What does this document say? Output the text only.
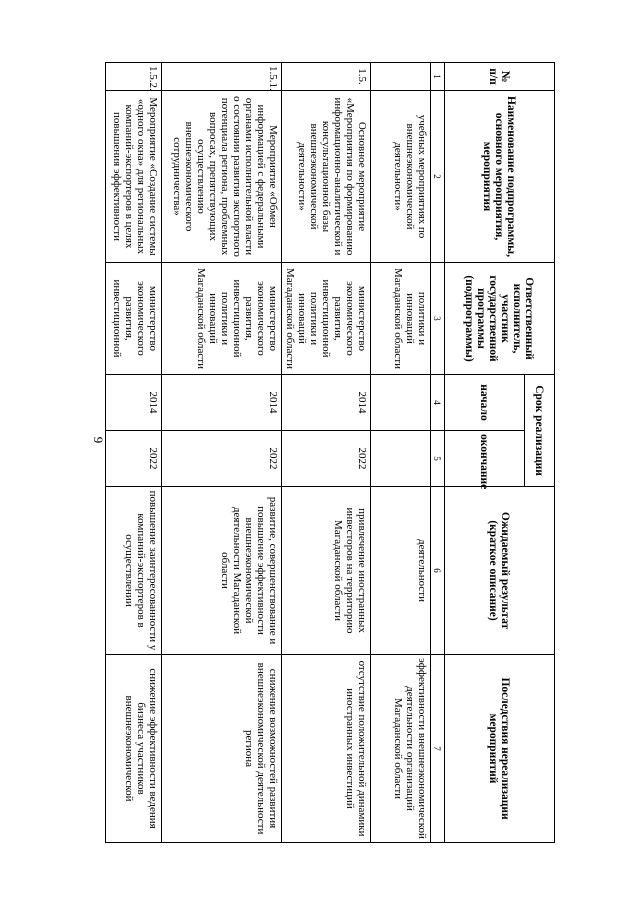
9
№ п/п	Наименование подпрограммы, основного мероприятия, мероприятия	Ответственный исполнитель, участник государственной программы (подпрограммы)	Срок реализации		Ожидаемый результат (краткое описание)	Последствия нереализации мероприятий
			начало	окончание		
1	2	3	4	5	6	7
	учебных мероприятиях по внешнеэкономической деятельности»	политики и инноваций Магаданской области			деятельности	эффективности внешнеэкономической деятельности организаций Магаданской области
1.5.	Основное мероприятие «Мероприятия по формированию информационно-аналитической и консультационной базы внешнеэкономической деятельности»	министерство экономического развития, инвестиционной политики и инноваций Магаданской области	2014	2022	привлечение иностранных инвесторов на территорию Магаданской области	отсутствие положительной динамики иностранных инвестиций
1.5.1.	Мероприятие «Обмен информацией с федеральными органами исполнительной власти о состоянии развития экспортного потенциала региона, проблемных вопросах, препятствующих осуществлению внешнеэкономического сотрудничества»	министерство экономического развития, инвестиционной политики и инноваций Магаданской области	2014	2022	развитие, совершенствование и повышение эффективности внешнеэкономической деятельности Магаданской области	снижение возможностей развития внешнеэкономической деятельности региона
1.5.2.	Мероприятие «Создание системы «одного окна» для региональных компаний-экспортеров в целях повышения эффективности	министерство экономического развития, инвестиционной	2014	2022	повышение заинтересованности у компаний-экспортеров в осуществлении	снижение эффективности ведения бизнеса участников внешнеэкономической
